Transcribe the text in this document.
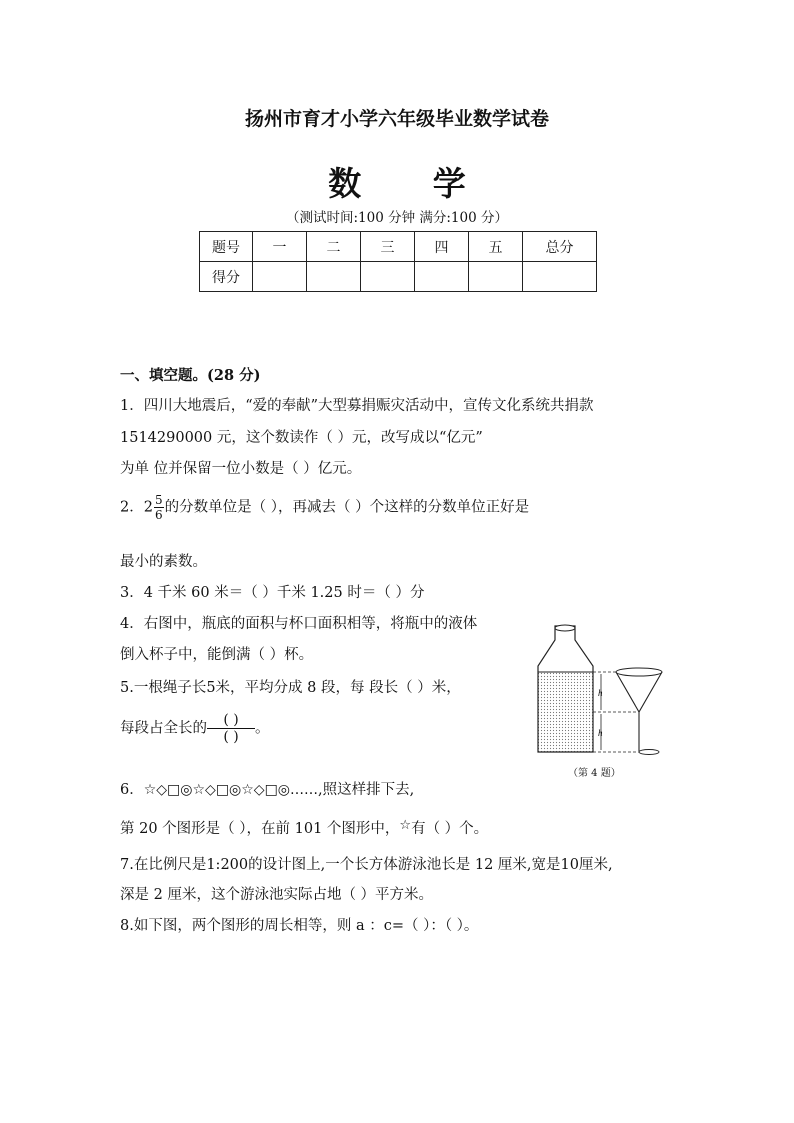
扬州市育才小学六年级毕业数学试卷
数 学
（测试时间:100 分钟 满分:100 分）
题号	一	二	三	四	五	总分
得分						
一、填空题。(28 分)
1．四川大地震后，“爱的奉献”大型募捐赈灾活动中，宣传文化系统共捐款
1514290000 元，这个数读作（ ）元，改写成以“亿元”
为单 位并保留一位小数是（ ）亿元。
2．$2 \frac{5}{6}$ 的分数单位是（ ），再减去（ ）个这样的分数单位正好是
最小的素数。
3．4 千米 60 米＝（ ）千米 1.25 时＝（ ）分
4．右图中，瓶底的面积与杯口面积相等，将瓶中的液体
倒入杯子中，能倒满（ ）杯。
5.一根绳子长5米，平均分成 8 段，每 段长（ ）米，
每段占全长的 $\frac{( )}{( )}$ 。
6．☆◇□◎☆◇□◎☆◇□◎……,照这样排下去,
第 20 个图形是（ ），在前 101 个图形中，☆有（ ）个。
7.在比例尺是1:200的设计图上,一个长方体游泳池长是 12 厘米,宽是10厘米,
深是 2 厘米，这个游泳池实际占地（ ）平方米。
8.如下图，两个图形的周长相等，则 a ：c=（ ）：（ ）。
h
h
（第 4 题）
